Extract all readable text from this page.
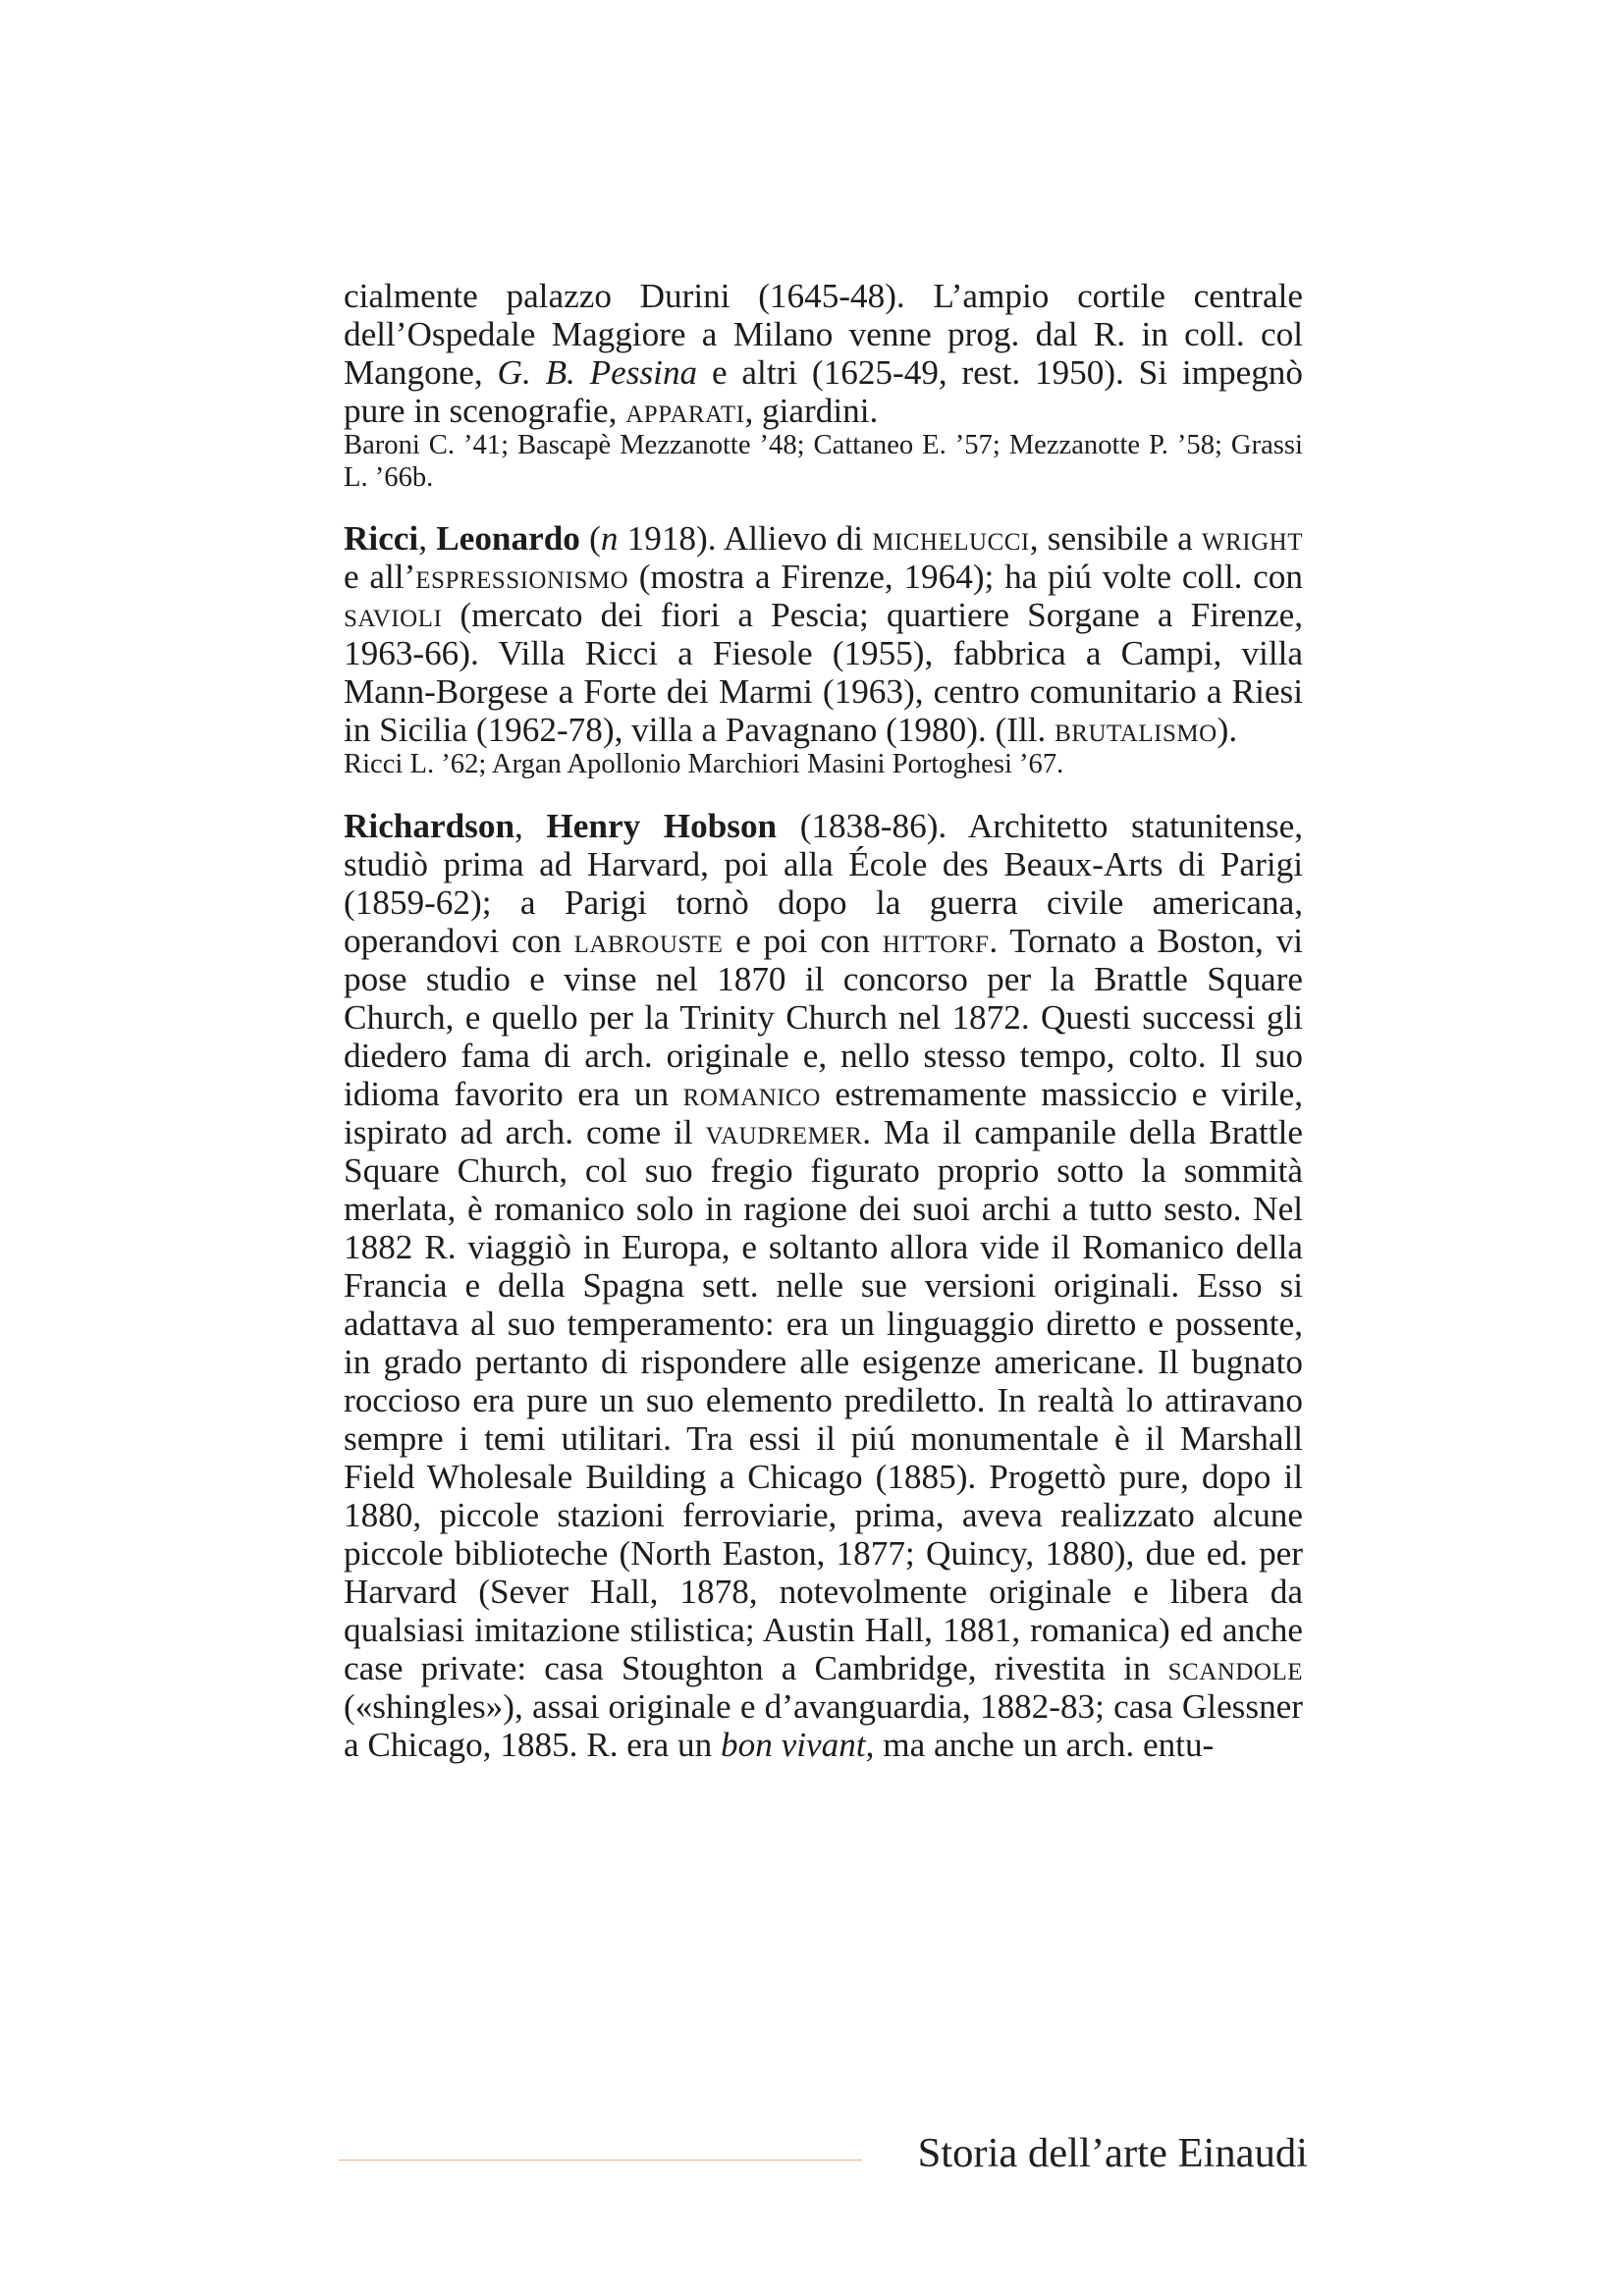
cialmente palazzo Durini (1645-48). L’ampio cortile centrale dell’Ospedale Maggiore a Milano venne prog. dal R. in coll. col Mangone, G. B. Pessina e altri (1625-49, rest. 1950). Si impegnò pure in scenografie, apparati, giardini.

Baroni C. ’41; Bascapè Mezzanotte ’48; Cattaneo E. ’57; Mezzanotte P. ’58; Grassi L. ’66b.

Ricci, Leonardo (n 1918). Allievo di michelucci, sensibile a wright e all’espressionismo (mostra a Firenze, 1964); ha piú volte coll. con savioli (mercato dei fiori a Pescia; quartiere Sorgane a Firenze, 1963-66). Villa Ricci a Fiesole (1955), fabbrica a Campi, villa Mann-Borgese a Forte dei Marmi (1963), centro comunitario a Riesi in Sicilia (1962-78), villa a Pavagnano (1980). (Ill. brutalismo).

Ricci L. ’62; Argan Apollonio Marchiori Masini Portoghesi ’67.

Richardson, Henry Hobson (1838-86). Architetto statunitense, studiò prima ad Harvard, poi alla École des Beaux-Arts di Parigi (1859-62); a Parigi tornò dopo la guerra civile americana, operandovi con labrouste e poi con hittorf. Tornato a Boston, vi pose studio e vinse nel 1870 il concorso per la Brattle Square Church, e quello per la Trinity Church nel 1872. Questi successi gli diedero fama di arch. originale e, nello stesso tempo, colto. Il suo idioma favorito era un romanico estremamente massiccio e virile, ispirato ad arch. come il vaudremer. Ma il campanile della Brattle Square Church, col suo fregio figurato proprio sotto la sommità merlata, è romanico solo in ragione dei suoi archi a tutto sesto. Nel 1882 R. viaggiò in Europa, e soltanto allora vide il Romanico della Francia e della Spagna sett. nelle sue versioni originali. Esso si adattava al suo temperamento: era un linguaggio diretto e possente, in grado pertanto di rispondere alle esigenze americane. Il bugnato roccioso era pure un suo elemento prediletto. In realtà lo attiravano sempre i temi utilitari. Tra essi il piú monumentale è il Marshall Field Wholesale Building a Chicago (1885). Progettò pure, dopo il 1880, piccole stazioni ferroviarie, prima, aveva realizzato alcune piccole biblioteche (North Easton, 1877; Quincy, 1880), due ed. per Harvard (Sever Hall, 1878, notevolmente originale e libera da qualsiasi imitazione stilistica; Austin Hall, 1881, romanica) ed anche case private: casa Stoughton a Cambridge, rivestita in scandole («shingles»), assai originale e d’avanguardia, 1882-83; casa Glessner a Chicago, 1885. R. era un bon vivant, ma anche un arch. entu-

Storia dell’arte Einaudi
